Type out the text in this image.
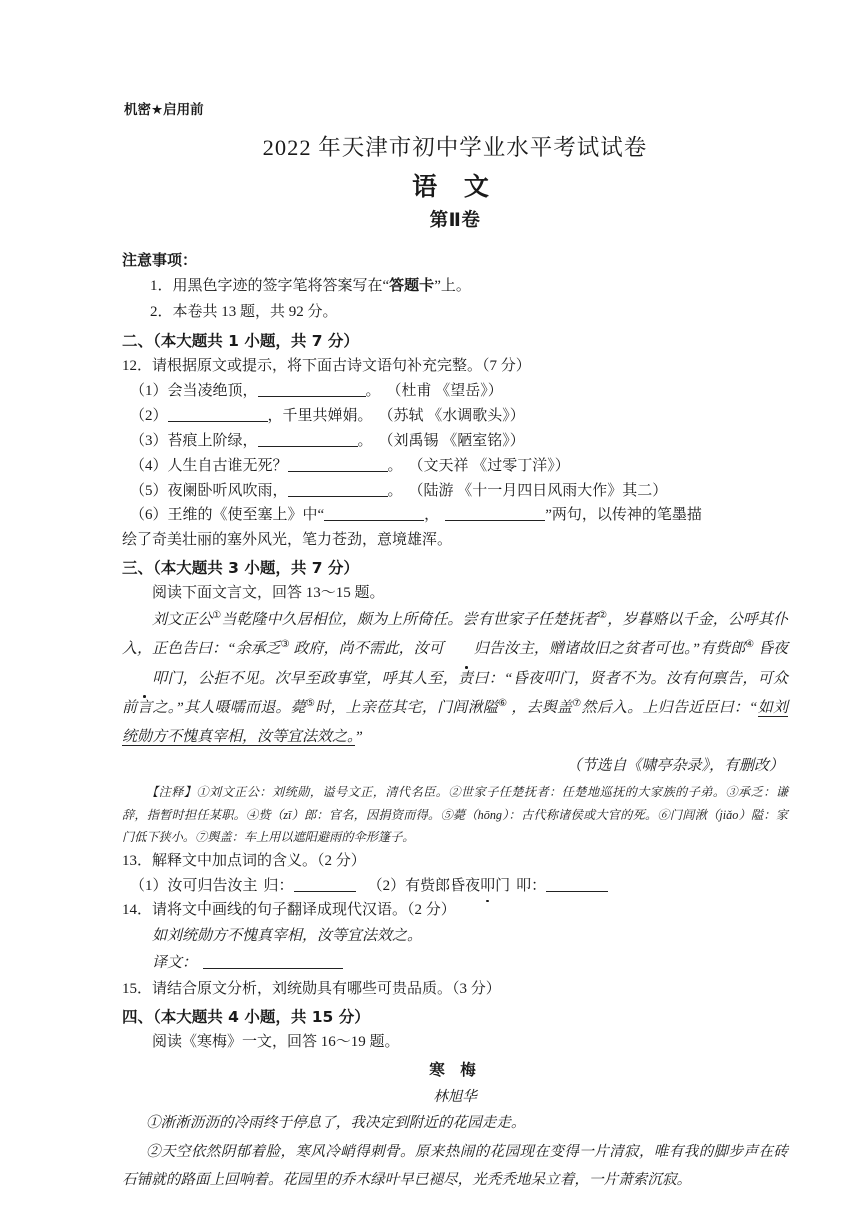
机密★启用前
2022 年天津市初中学业水平考试试卷
语 文
第Ⅱ卷
注意事项：
1．用黑色字迹的签字笔将答案写在“答题卡”上。
2．本卷共 13 题，共 92 分。
二、（本大题共 1 小题，共 7 分）
12．请根据原文或提示，将下面古诗文语句补充完整。（7 分）
（1）会当凌绝顶，	。 （杜甫 《望岳》）
（2）	，千里共婵娟。 （苏轼 《水调歌头》）
（3）苔痕上阶绿，	。 （刘禹锡 《陋室铭》）
（4）人生自古谁无死？	。 （文天祥 《过零丁洋》）
（5）夜阑卧听风吹雨，	。 （陆游 《十一月四日风雨大作》其二）
（6）王维的《使至塞上》中“	，	”两句，以传神的笔墨描
绘了奇美壮丽的塞外风光，笔力苍劲，意境雄浑。
三、（本大题共 3 小题，共 7 分）
阅读下面文言文，回答 13～15 题。
刘文正公①当乾隆中久居相位，颇为上所倚任。尝有世家子任楚抚者②，岁暮赂以千金，公呼其仆入，正色告曰：“余承乏③ 政府，尚不需此，汝可 归告汝主，赠诸故旧之贫者可也。”有赀郎④ 昏夜叩门，公拒不见。次早至政事堂，呼其人至，责曰：“昏夜叩门，贤者不为。汝有何禀告，可众前言之。”其人嗫嚅而退。薨⑤时，上亲莅其宅，门闾湫隘⑥ ，去舆盖⑦然后入。上归告近臣曰：“如刘统勋方不愧真宰相，汝等宜法效之。”
（节选自《啸亭杂录》，有删改）
【注释】①刘文正公：刘统勋，谥号文正，清代名臣。②世家子任楚抚者：任楚地巡抚的大家族的子弟。③承乏：谦辞，指暂时担任某职。④赀（zī）郎：官名，因捐资而得。⑤薨（hōng）：古代称诸侯或大官的死。⑥门闾湫（jiǎo）隘：家门低下狭小。⑦舆盖：车上用以遮阳避雨的伞形篷子。
13．解释文中加点词的含义。（2 分）
（1）汝可归告汝主 归：	（2）有赀郎昏夜叩门 叩：
14．请将文中画线的句子翻译成现代汉语。（2 分）
如刘统勋方不愧真宰相，汝等宜法效之。
译文：
15．请结合原文分析，刘统勋具有哪些可贵品质。（3 分）
四、（本大题共 4 小题，共 15 分）
阅读《寒梅》一文，回答 16～19 题。
寒 梅
林旭华
①淅淅沥沥的冷雨终于停息了，我决定到附近的花园走走。
②天空依然阴郁着脸，寒风冷峭得刺骨。原来热闹的花园现在变得一片清寂，唯有我的脚步声在砖石铺就的路面上回响着。花园里的乔木绿叶早已褪尽，光秃秃地呆立着，一片萧索沉寂。
